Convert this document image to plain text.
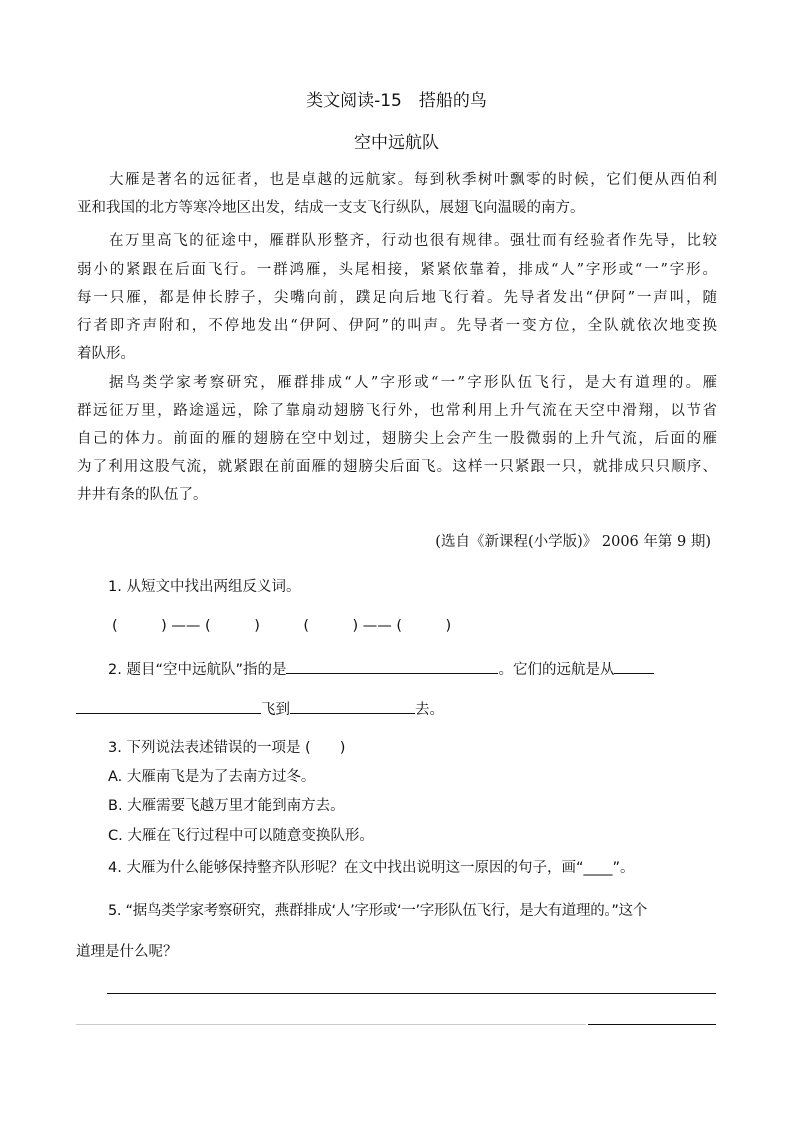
类文阅读-15　搭船的鸟
空中远航队
大雁是著名的远征者，也是卓越的远航家。每到秋季树叶飘零的时候，它们便从西伯利
亚和我国的北方等寒冷地区出发，结成一支支飞行纵队，展翅飞向温暖的南方。
在万里高飞的征途中，雁群队形整齐，行动也很有规律。强壮而有经验者作先导，比较
弱小的紧跟在后面飞行。一群鸿雁，头尾相接，紧紧依靠着，排成“人”字形或“一”字形。
每一只雁，都是伸长脖子，尖嘴向前，蹼足向后地飞行着。先导者发出“伊阿”一声叫，随
行者即齐声附和，不停地发出“伊阿、伊阿”的叫声。先导者一变方位，全队就依次地变换
着队形。
据鸟类学家考察研究，雁群排成“人”字形或“一”字形队伍飞行，是大有道理的。雁
群远征万里，路途遥远，除了靠扇动翅膀飞行外，也常利用上升气流在天空中滑翔，以节省
自己的体力。前面的雁的翅膀在空中划过，翅膀尖上会产生一股微弱的上升气流，后面的雁
为了利用这股气流，就紧跟在前面雁的翅膀尖后面飞。这样一只紧跟一只，就排成只只顺序、
井井有条的队伍了。
(选自《新课程(小学版)》 2006 年第 9 期)
1. 从短文中找出两组反义词。
(　　　) —— (　　　)　　　(　　　) —— (　　　)
2. 题目“空中远航队”指的是	。它们的远航是从
飞到	去。
3. 下列说法表述错误的一项是 (　　)
A. 大雁南飞是为了去南方过冬。
B. 大雁需要飞越万里才能到南方去。
C. 大雁在飞行过程中可以随意变换队形。
4. 大雁为什么能够保持整齐队形呢？在文中找出说明这一原因的句子，画“____”。
5. “据鸟类学家考察研究，燕群排成‘人’字形或‘一’字形队伍飞行，是大有道理的。”这个
道理是什么呢？
